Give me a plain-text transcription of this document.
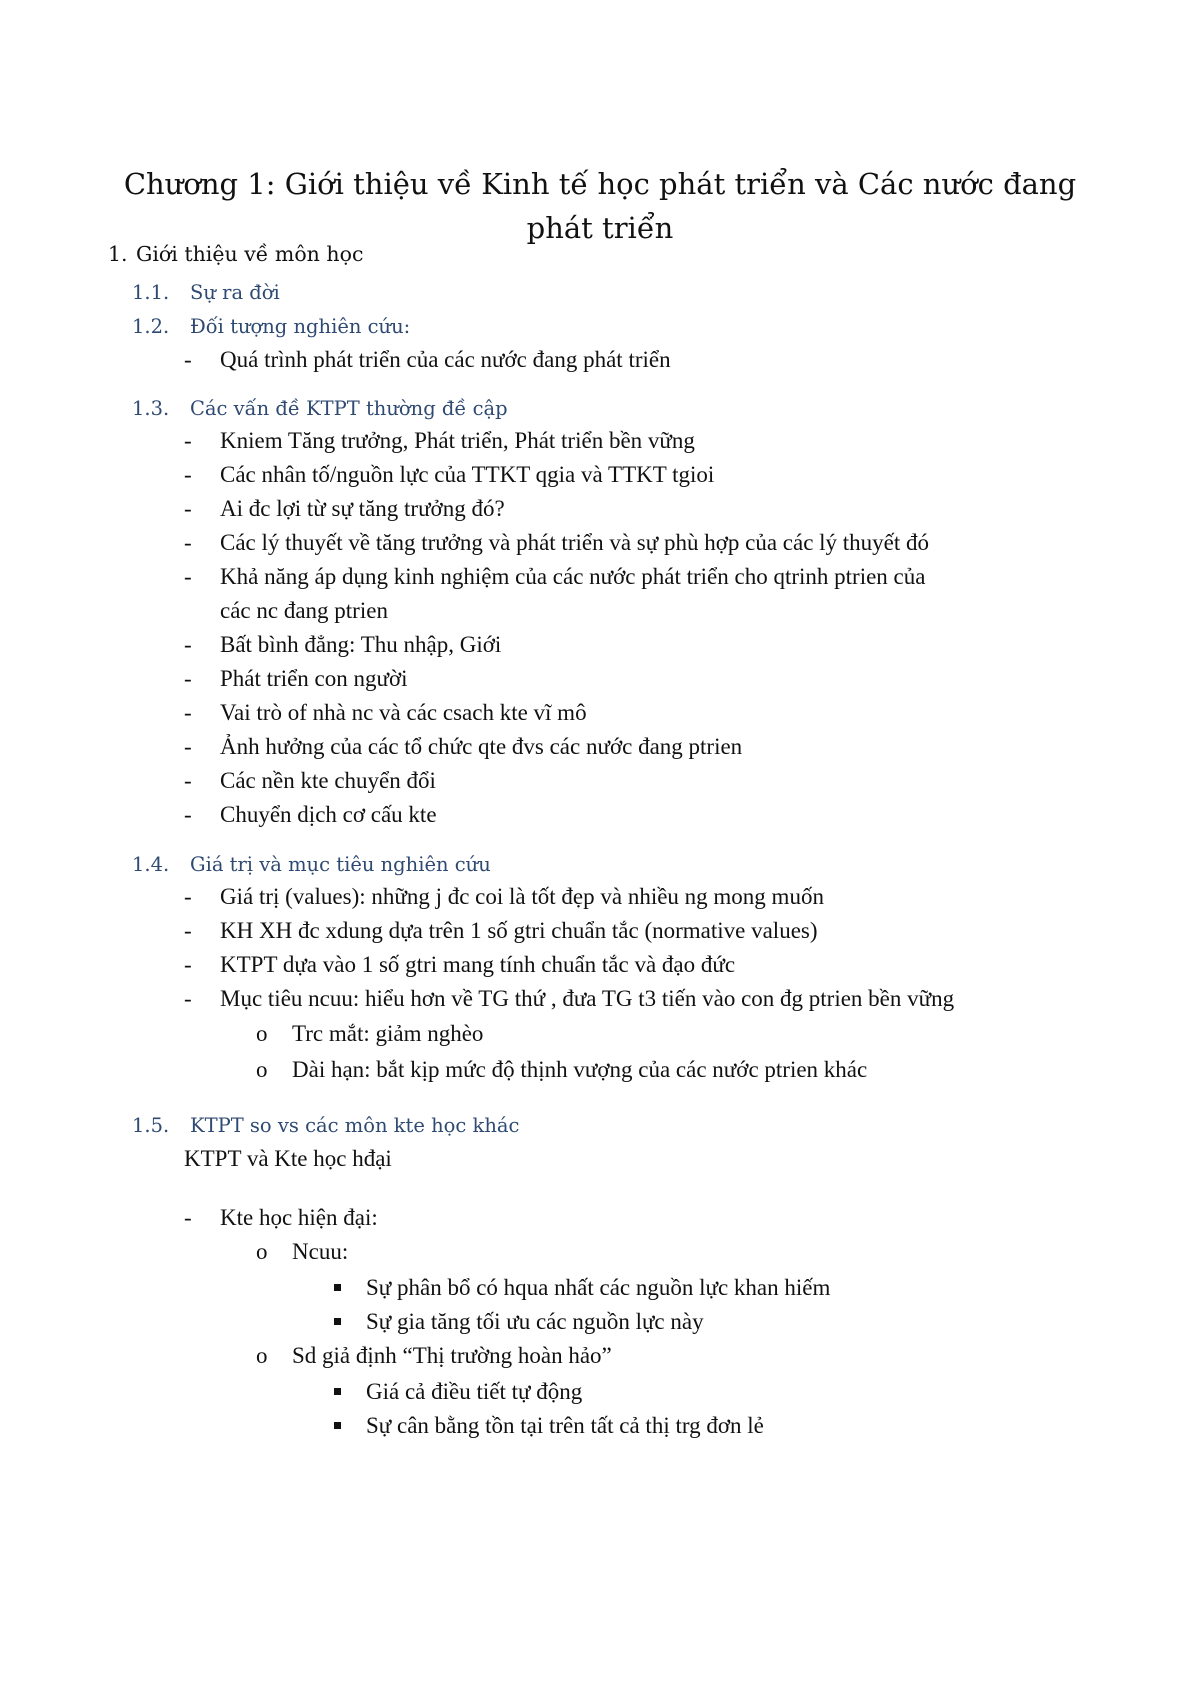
Chương 1: Giới thiệu về Kinh tế học phát triển và Các nước đang phát triển
1. Giới thiệu về môn học
1.1. Sự ra đời
1.2. Đối tượng nghiên cứu:
- Quá trình phát triển của các nước đang phát triển
1.3. Các vấn đề KTPT thường đề cập
- Kniem Tăng trưởng, Phát triển, Phát triển bền vững
- Các nhân tố/nguồn lực của TTKT qgia và TTKT tgioi
- Ai đc lợi từ sự tăng trưởng đó?
- Các lý thuyết về tăng trưởng và phát triển và sự phù hợp của các lý thuyết đó
- Khả năng áp dụng kinh nghiệm của các nước phát triển cho qtrinh ptrien của
các nc đang ptrien
- Bất bình đẳng: Thu nhập, Giới
- Phát triển con người
- Vai trò of nhà nc và các csach kte vĩ mô
- Ảnh hưởng của các tổ chức qte đvs các nước đang ptrien
- Các nền kte chuyển đổi
- Chuyển dịch cơ cấu kte
1.4. Giá trị và mục tiêu nghiên cứu
- Giá trị (values): những j đc coi là tốt đẹp và nhiều ng mong muốn
- KH XH đc xdung dựa trên 1 số gtri chuẩn tắc (normative values)
- KTPT dựa vào 1 số gtri mang tính chuẩn tắc và đạo đức
- Mục tiêu ncuu: hiểu hơn về TG thứ , đưa TG t3 tiến vào con đg ptrien bền vững
o Trc mắt: giảm nghèo
o Dài hạn: bắt kịp mức độ thịnh vượng của các nước ptrien khác
1.5. KTPT so vs các môn kte học khác
KTPT và Kte học hđại
- Kte học hiện đại:
o Ncuu:
Sự phân bổ có hqua nhất các nguồn lực khan hiếm
Sự gia tăng tối ưu các nguồn lực này
o Sd giả định “Thị trường hoàn hảo”
Giá cả điều tiết tự động
Sự cân bằng tồn tại trên tất cả thị trg đơn lẻ
